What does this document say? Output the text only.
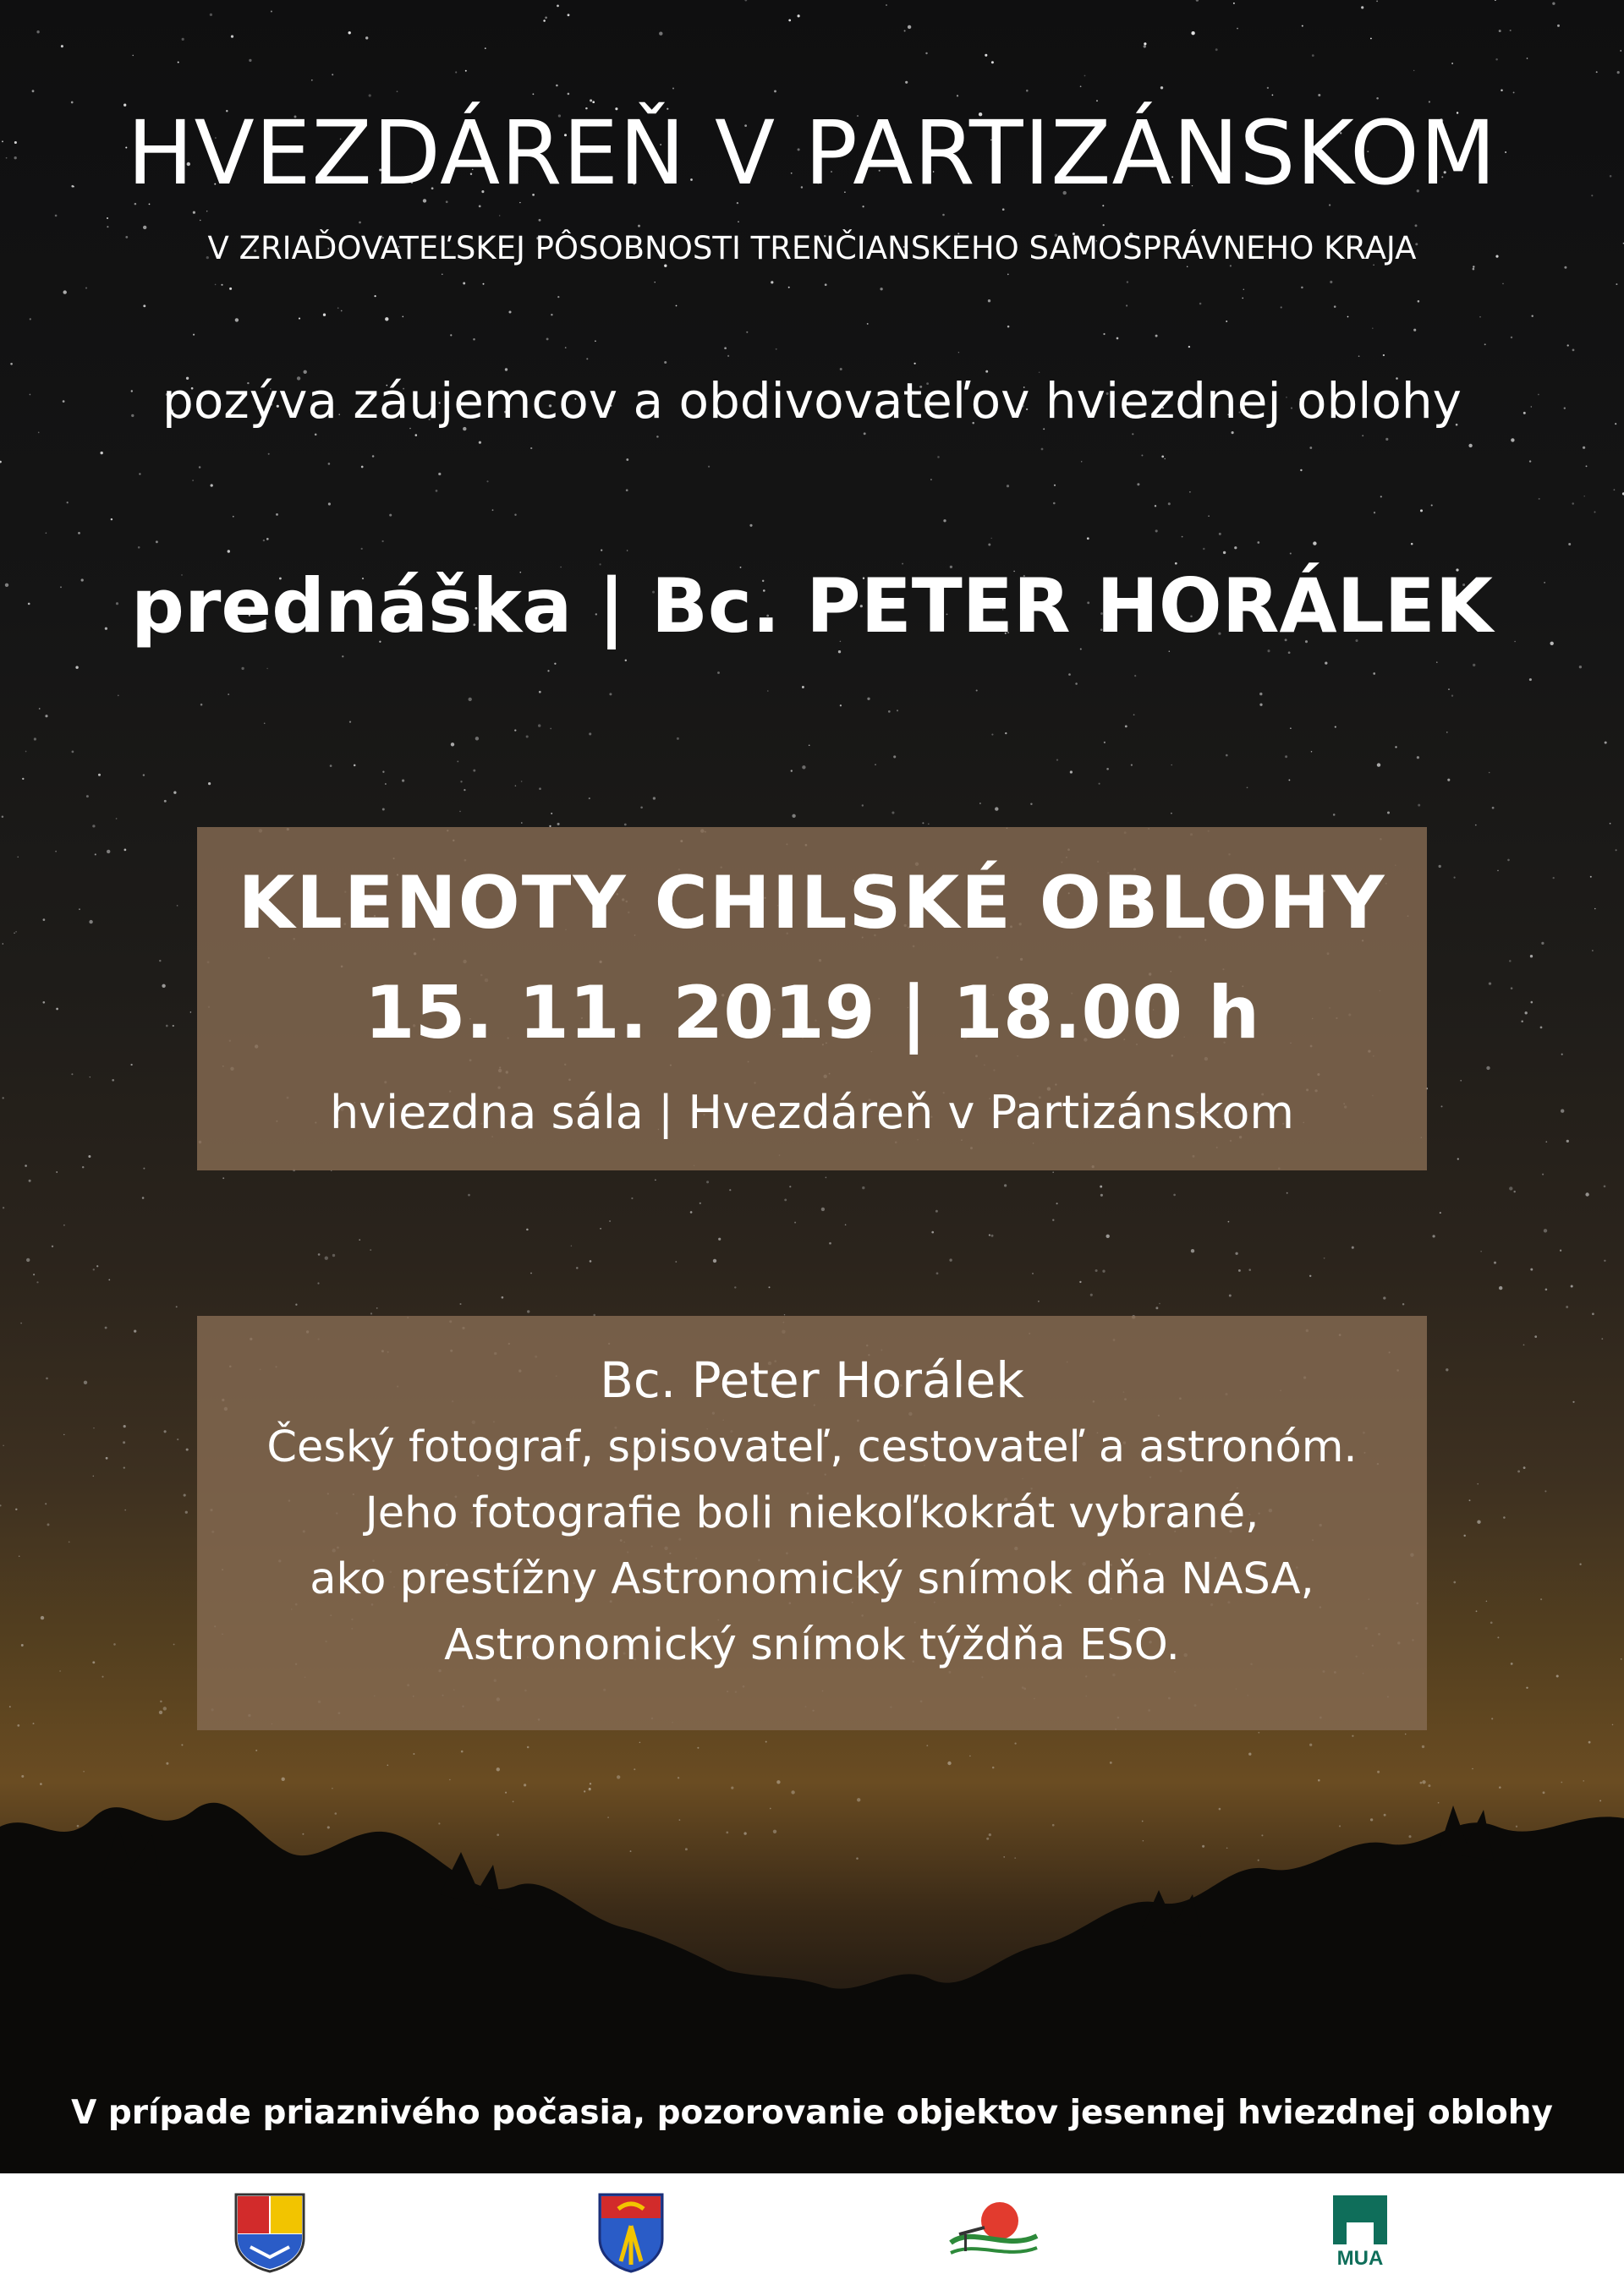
HVEZDÁREŇ V PARTIZÁNSKOM
V ZRIAĎOVATEĽSKEJ PÔSOBNOSTI TRENČIANSKEHO SAMOSPRÁVNEHO KRAJA
pozýva záujemcov a obdivovateľov hviezdnej oblohy
prednáška | Bc. PETER HORÁLEK
KLENOTY CHILSKÉ OBLOHY
15. 11. 2019 | 18.00 h
hviezdna sála | Hvezdáreň v Partizánskom
Bc. Peter Horálek
Český fotograf, spisovateľ, cestovateľ a astronóm.
Jeho fotografie boli niekoľkokrát vybrané,
ako prestížny Astronomický snímok dňa NASA,
Astronomický snímok týždňa ESO.
V prípade priaznivého počasia, pozorovanie objektov jesennej hviezdnej oblohy
MUA
